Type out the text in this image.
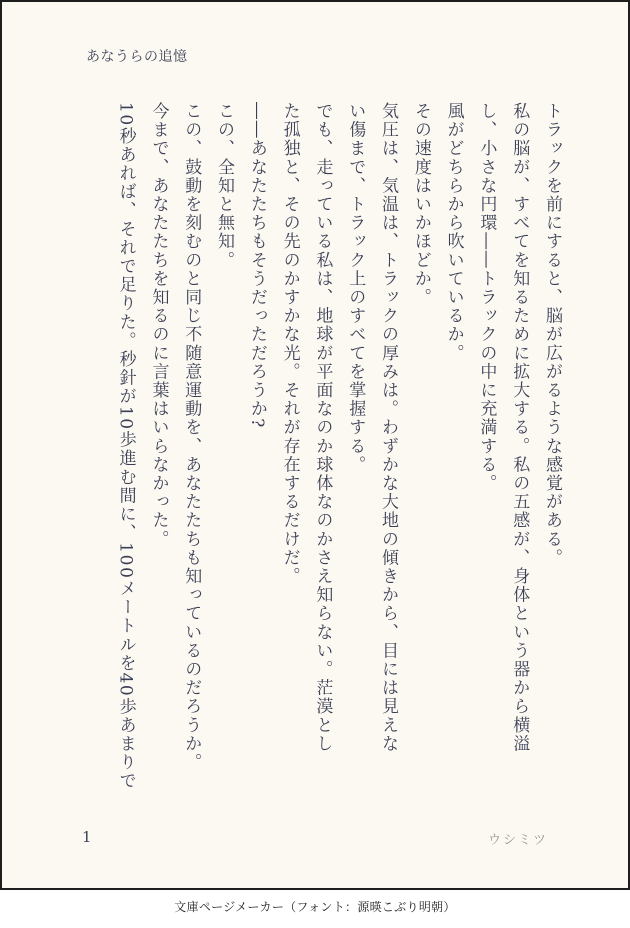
あなうらの追憶

トラックを前にすると、脳が広がるような感覚がある。

私の脳が、すべてを知るために拡大する。私の五感が、身体という器から横溢

し、小さな円環――トラックの中に充満する。

風がどちらから吹いているか。

その速度はいかほどか。

気圧は、気温は、トラックの厚みは。わずかな大地の傾きから、目には見えな

い傷まで、トラック上のすべてを掌握する。

でも、走っている私は、地球が平面なのか球体なのかさえ知らない。茫漠とし

た孤独と、その先のかすかな光。それが存在するだけだ。

――あなたたちもそうだっただろうか?

この、全知と無知。

この、鼓動を刻むのと同じ不随意運動を、あなたたちも知っているのだろうか。

今まで、あなたたちを知るのに言葉はいらなかった。

10秒あれば、それで足りた。秒針が10歩進む間に、100メートルを40歩あまりで

1	ウシミツ
文庫ページメーカー（フォント：源暎こぶり明朝）
